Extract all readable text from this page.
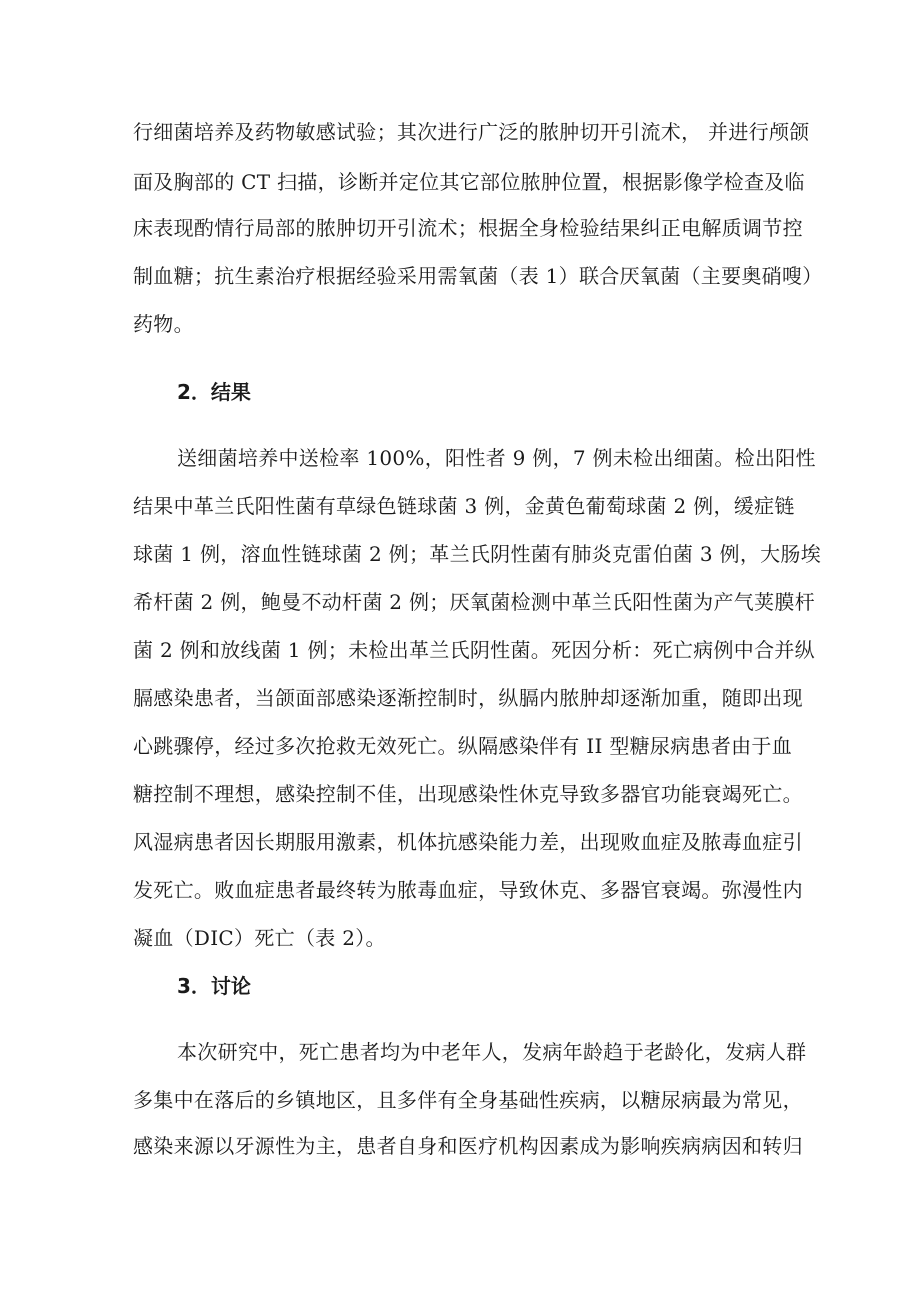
行细菌培养及药物敏感试验；其次进行广泛的脓肿切开引流术， 并进行颅颌
面及胸部的 CT 扫描，诊断并定位其它部位脓肿位置，根据影像学检查及临
床表现酌情行局部的脓肿切开引流术；根据全身检验结果纠正电解质调节控
制血糖；抗生素治疗根据经验采用需氧菌（表 1）联合厌氧菌（主要奥硝嗖）
药物。
2．结果
送细菌培养中送检率 100%，阳性者 9 例，7 例未检出细菌。检出阳性
结果中革兰氏阳性菌有草绿色链球菌 3 例，金黄色葡萄球菌 2 例，缓症链
球菌 1 例，溶血性链球菌 2 例；革兰氏阴性菌有肺炎克雷伯菌 3 例，大肠埃
希杆菌 2 例，鲍曼不动杆菌 2 例；厌氧菌检测中革兰氏阳性菌为产气荚膜杆
菌 2 例和放线菌 1 例；未检出革兰氏阴性菌。死因分析：死亡病例中合并纵
膈感染患者，当颌面部感染逐渐控制时，纵膈内脓肿却逐渐加重，随即出现
心跳骤停，经过多次抢救无效死亡。纵隔感染伴有 II 型糖尿病患者由于血
糖控制不理想，感染控制不佳，出现感染性休克导致多器官功能衰竭死亡。
风湿病患者因长期服用激素，机体抗感染能力差，出现败血症及脓毒血症引
发死亡。败血症患者最终转为脓毒血症，导致休克、多器官衰竭。弥漫性内
凝血（DIC）死亡（表 2）。
3．讨论
本次研究中，死亡患者均为中老年人，发病年龄趋于老龄化，发病人群
多集中在落后的乡镇地区，且多伴有全身基础性疾病，以糖尿病最为常见，
感染来源以牙源性为主，患者自身和医疗机构因素成为影响疾病病因和转归
